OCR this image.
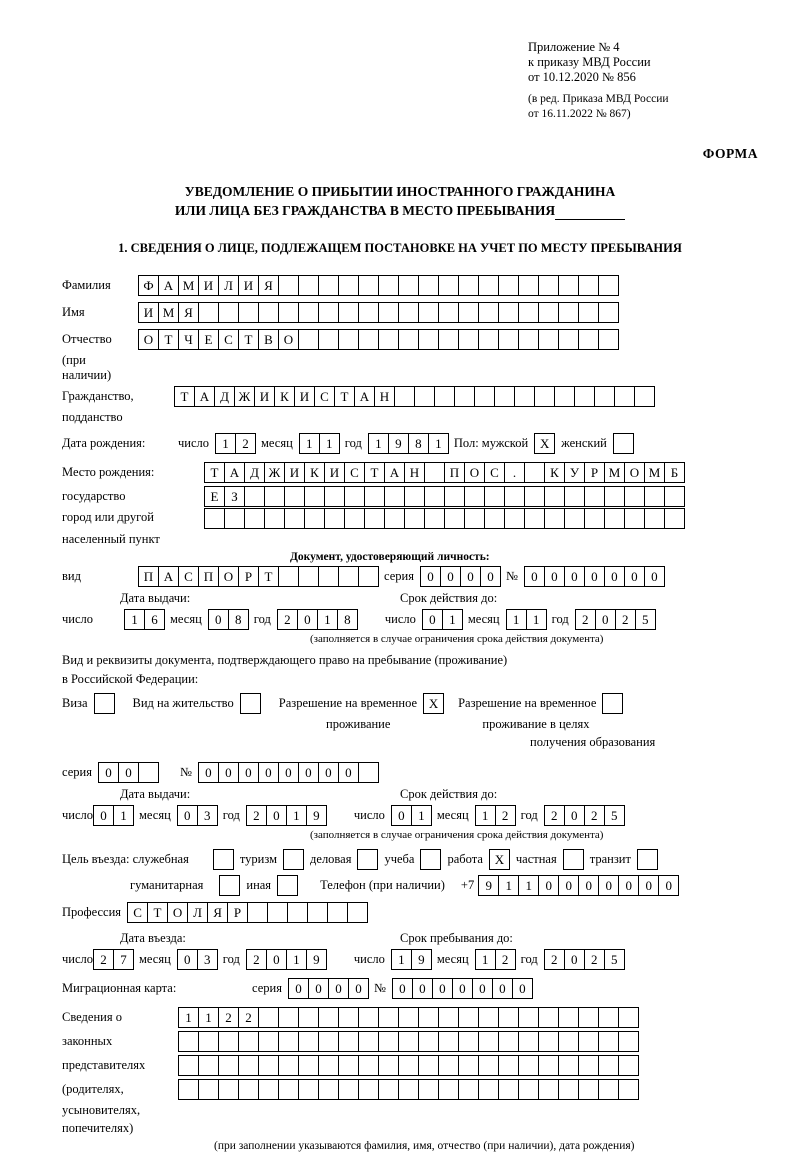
Приложение № 4
к приказу МВД России
от 10.12.2020 № 856
(в ред. Приказа МВД России
от 16.11.2022 № 867)
ФОРМА
УВЕДОМЛЕНИЕ О ПРИБЫТИИ ИНОСТРАННОГО ГРАЖДАНИНА
ИЛИ ЛИЦА БЕЗ ГРАЖДАНСТВА В МЕСТО ПРЕБЫВАНИЯ
1. СВЕДЕНИЯ О ЛИЦЕ, ПОДЛЕЖАЩЕМ ПОСТАНОВКЕ НА УЧЕТ ПО МЕСТУ ПРЕБЫВАНИЯ
Фамилия	Ф А М И Л И Я
Имя	И М Я
Отчество	О Т Ч Е С Т В О
(при наличии)
Гражданство,	Т А Д Ж И К И С Т А Н
подданство
Дата рождения:	число	1	2 месяц	1	1 год	1	9	8	1 Пол: мужской Х женский
Место рождения:	Т А Д Ж И К И С Т А Н	П О С	.	К У Р М О М Б
государство	Е З
город или другой
населенный пункт
Документ, удостоверяющий личность:
вид	П А С П О Р Т	серия	0	0	0	0 №	0	0	0	0	0	0	0
Дата выдачи:	Срок действия до:
число	1	6 месяц	0	8 год	2	0	1	8	число	0	1 месяц	1	1 год	2	0	2	5
(заполняется в случае ограничения срока действия документа)
Вид и реквизиты документа, подтверждающего право на пребывание (проживание)
в Российской Федерации:
Виза	Вид на жительство	Разрешение на временное Х	Разрешение на временное
проживание	проживание в целях
получения образования
серия	0	0	№	0	0	0	0	0	0	0	0
Дата выдачи:	Срок действия до:
число 0	1 месяц	0	3 год	2	0	1	9	число	0	1 месяц	1	2 год	2	0	2	5
(заполняется в случае ограничения срока действия документа)
Цель въезда: служебная	туризм	деловая	учеба	работа Х частная	транзит
гуманитарная	иная	Телефон (при наличии) +7 9	1	1	0	0	0	0	0	0	0
Профессия С Т О Л Я Р
Дата въезда:	Срок пребывания до:
число 2	7 месяц	0	3 год	2	0	1	9	число	1	9 месяц	1	2 год	2	0	2	5
Миграционная карта:	серия	0	0	0	0 №	0	0	0	0	0	0	0
Сведения о	1	1	2	2
законных
представителях
(родителях,
усыновителях,
попечителях)
(при заполнении указываются фамилия, имя, отчество (при наличии), дата рождения)
